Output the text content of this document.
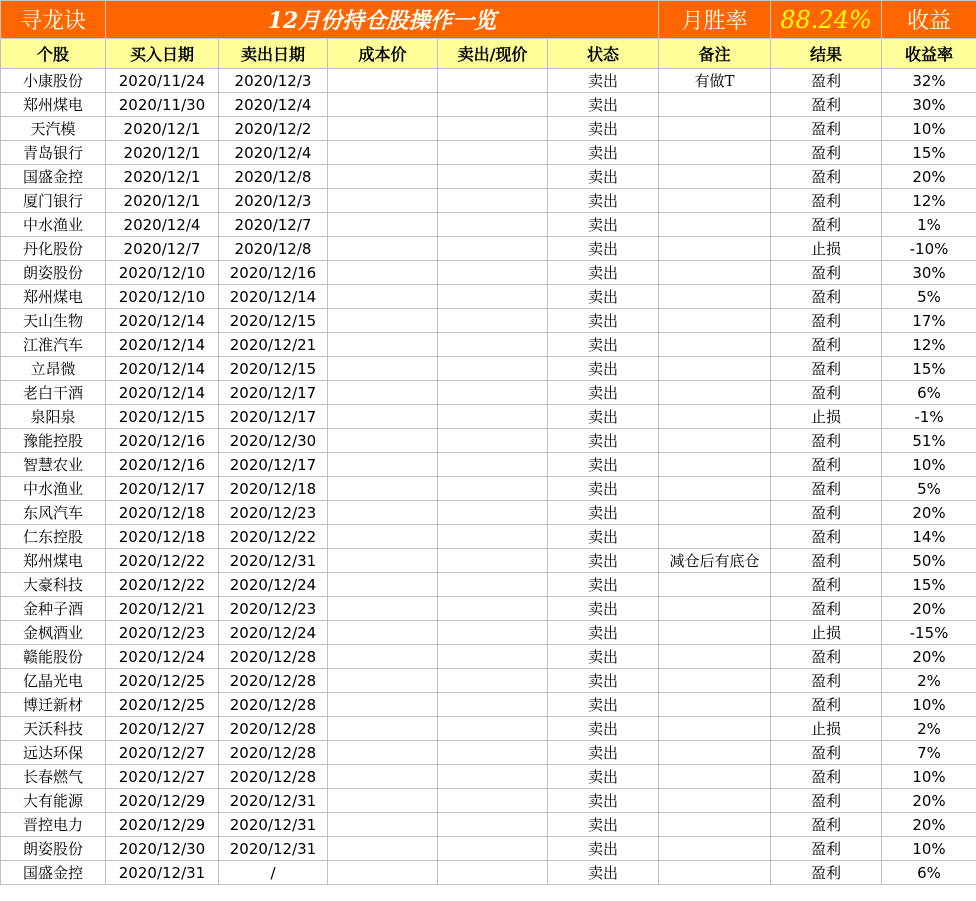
寻龙诀	12月份持仓股操作一览					月胜率	88.24%	收益
个股	买入日期	卖出日期	成本价	卖出/现价	状态	备注	结果	收益率
小康股份	2020/11/24	2020/12/3			卖出	有做T	盈利	32%
郑州煤电	2020/11/30	2020/12/4			卖出		盈利	30%
天汽模	2020/12/1	2020/12/2			卖出		盈利	10%
青岛银行	2020/12/1	2020/12/4			卖出		盈利	15%
国盛金控	2020/12/1	2020/12/8			卖出		盈利	20%
厦门银行	2020/12/1	2020/12/3			卖出		盈利	12%
中水渔业	2020/12/4	2020/12/7			卖出		盈利	1%
丹化股份	2020/12/7	2020/12/8			卖出		止损	-10%
朗姿股份	2020/12/10	2020/12/16			卖出		盈利	30%
郑州煤电	2020/12/10	2020/12/14			卖出		盈利	5%
天山生物	2020/12/14	2020/12/15			卖出		盈利	17%
江淮汽车	2020/12/14	2020/12/21			卖出		盈利	12%
立昂微	2020/12/14	2020/12/15			卖出		盈利	15%
老白干酒	2020/12/14	2020/12/17			卖出		盈利	6%
泉阳泉	2020/12/15	2020/12/17			卖出		止损	-1%
豫能控股	2020/12/16	2020/12/30			卖出		盈利	51%
智慧农业	2020/12/16	2020/12/17			卖出		盈利	10%
中水渔业	2020/12/17	2020/12/18			卖出		盈利	5%
东风汽车	2020/12/18	2020/12/23			卖出		盈利	20%
仁东控股	2020/12/18	2020/12/22			卖出		盈利	14%
郑州煤电	2020/12/22	2020/12/31			卖出	减仓后有底仓	盈利	50%
大豪科技	2020/12/22	2020/12/24			卖出		盈利	15%
金种子酒	2020/12/21	2020/12/23			卖出		盈利	20%
金枫酒业	2020/12/23	2020/12/24			卖出		止损	-15%
赣能股份	2020/12/24	2020/12/28			卖出		盈利	20%
亿晶光电	2020/12/25	2020/12/28			卖出		盈利	2%
博迁新材	2020/12/25	2020/12/28			卖出		盈利	10%
天沃科技	2020/12/27	2020/12/28			卖出		止损	2%
远达环保	2020/12/27	2020/12/28			卖出		盈利	7%
长春燃气	2020/12/27	2020/12/28			卖出		盈利	10%
大有能源	2020/12/29	2020/12/31			卖出		盈利	20%
晋控电力	2020/12/29	2020/12/31			卖出		盈利	20%
朗姿股份	2020/12/30	2020/12/31			卖出		盈利	10%
国盛金控	2020/12/31	/			卖出		盈利	6%
